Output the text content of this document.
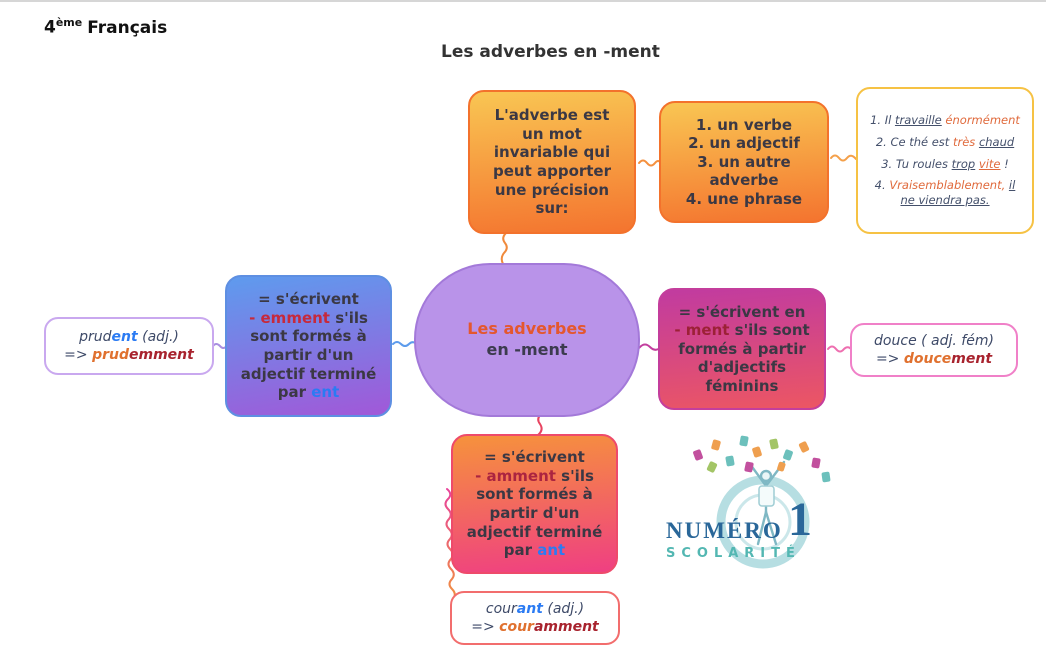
4ème Français
Les adverbes en -ment
Les adverbes
en -ment
L'adverbe est un mot invariable qui peut apporter une précision sur:
1. un verbe
2. un adjectif
3. un autre adverbe
4. une phrase
1. Il travaille énormément
2. Ce thé est très chaud
3. Tu roules trop vite !
4. Vraisemblablement, il ne viendra pas.
= s'écrivent
- emment s'ils sont formés à partir d'un adjectif terminé par ent
= s'écrivent en
- ment s'ils sont formés à partir d'adjectifs féminins
= s'écrivent
- amment s'ils sont formés à partir d'un adjectif terminé par ant
prudent (adj.)
=> prudemment
douce ( adj. fém)
=> doucement
courant (adj.)
=> couramment
NUMÉRO 1
SCOLARITÉ
